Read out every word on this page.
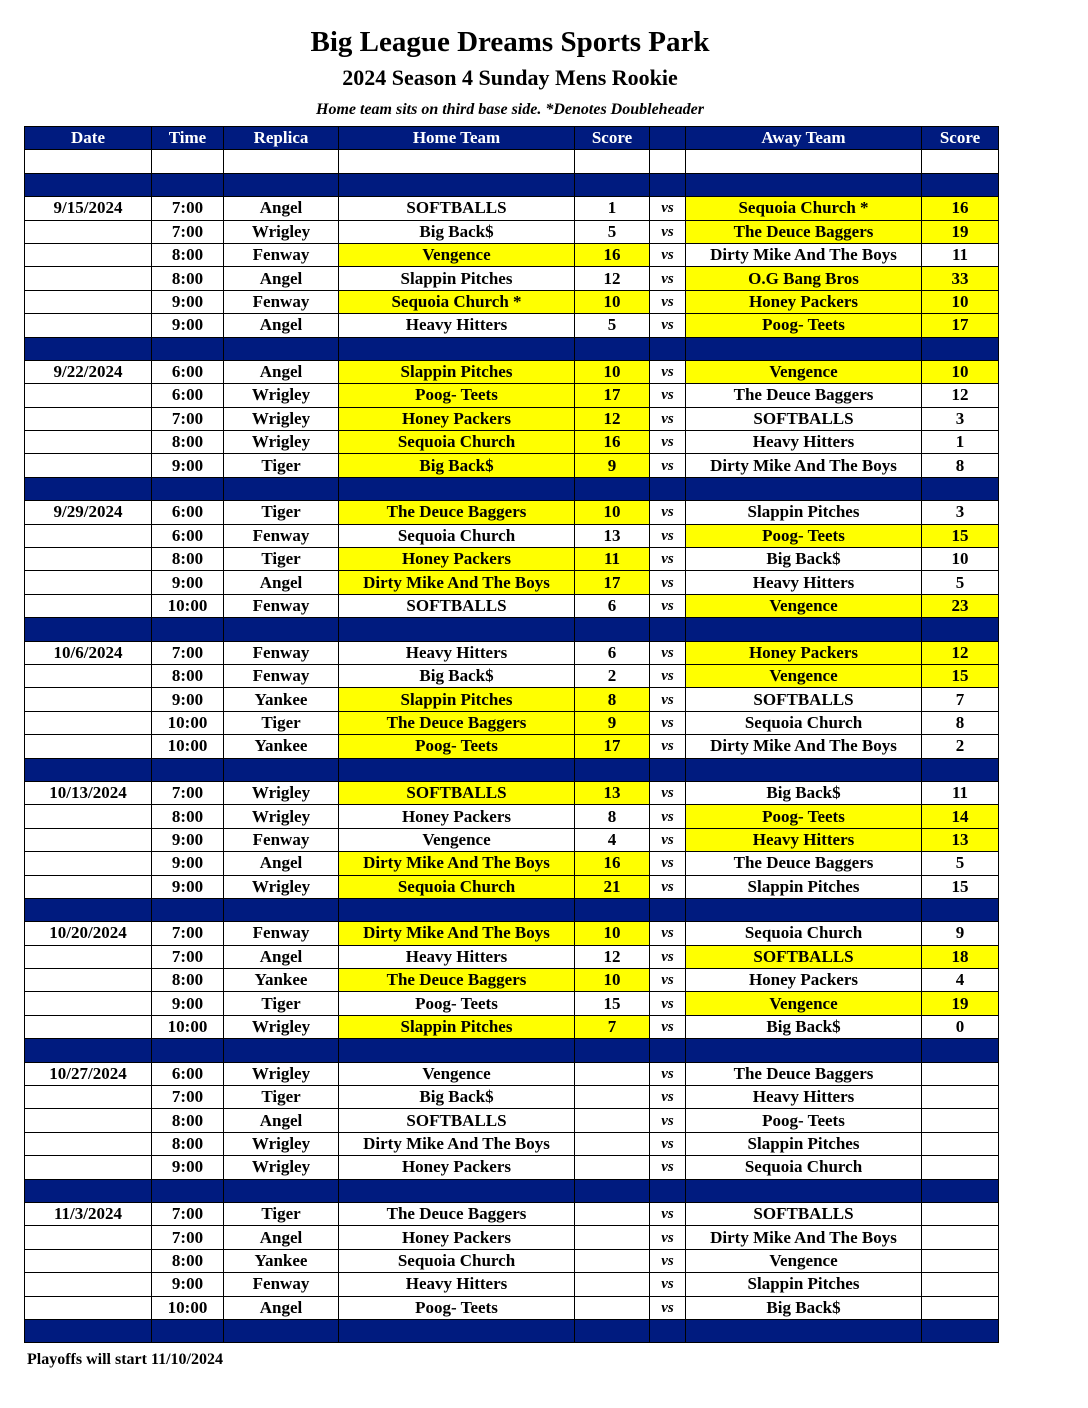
Big League Dreams Sports Park
2024 Season 4 Sunday Mens Rookie
Home team sits on third base side. *Denotes Doubleheader
Date	Time	Replica	Home Team	Score		Away Team	Score

9/15/2024	7:00	Angel	SOFTBALLS	1	vs	Sequoia Church *	16
	7:00	Wrigley	Big Back$	5	vs	The Deuce Baggers	19
	8:00	Fenway	Vengence	16	vs	Dirty Mike And The Boys	11
	8:00	Angel	Slappin Pitches	12	vs	O.G Bang Bros	33
	9:00	Fenway	Sequoia Church *	10	vs	Honey Packers	10
	9:00	Angel	Heavy Hitters	5	vs	Poog- Teets	17

9/22/2024	6:00	Angel	Slappin Pitches	10	vs	Vengence	10
	6:00	Wrigley	Poog- Teets	17	vs	The Deuce Baggers	12
	7:00	Wrigley	Honey Packers	12	vs	SOFTBALLS	3
	8:00	Wrigley	Sequoia Church	16	vs	Heavy Hitters	1
	9:00	Tiger	Big Back$	9	vs	Dirty Mike And The Boys	8

9/29/2024	6:00	Tiger	The Deuce Baggers	10	vs	Slappin Pitches	3
	6:00	Fenway	Sequoia Church	13	vs	Poog- Teets	15
	8:00	Tiger	Honey Packers	11	vs	Big Back$	10
	9:00	Angel	Dirty Mike And The Boys	17	vs	Heavy Hitters	5
	10:00	Fenway	SOFTBALLS	6	vs	Vengence	23

10/6/2024	7:00	Fenway	Heavy Hitters	6	vs	Honey Packers	12
	8:00	Fenway	Big Back$	2	vs	Vengence	15
	9:00	Yankee	Slappin Pitches	8	vs	SOFTBALLS	7
	10:00	Tiger	The Deuce Baggers	9	vs	Sequoia Church	8
	10:00	Yankee	Poog- Teets	17	vs	Dirty Mike And The Boys	2

10/13/2024	7:00	Wrigley	SOFTBALLS	13	vs	Big Back$	11
	8:00	Wrigley	Honey Packers	8	vs	Poog- Teets	14
	9:00	Fenway	Vengence	4	vs	Heavy Hitters	13
	9:00	Angel	Dirty Mike And The Boys	16	vs	The Deuce Baggers	5
	9:00	Wrigley	Sequoia Church	21	vs	Slappin Pitches	15

10/20/2024	7:00	Fenway	Dirty Mike And The Boys	10	vs	Sequoia Church	9
	7:00	Angel	Heavy Hitters	12	vs	SOFTBALLS	18
	8:00	Yankee	The Deuce Baggers	10	vs	Honey Packers	4
	9:00	Tiger	Poog- Teets	15	vs	Vengence	19
	10:00	Wrigley	Slappin Pitches	7	vs	Big Back$	0

10/27/2024	6:00	Wrigley	Vengence		vs	The Deuce Baggers	
	7:00	Tiger	Big Back$		vs	Heavy Hitters	
	8:00	Angel	SOFTBALLS		vs	Poog- Teets	
	8:00	Wrigley	Dirty Mike And The Boys		vs	Slappin Pitches	
	9:00	Wrigley	Honey Packers		vs	Sequoia Church	

11/3/2024	7:00	Tiger	The Deuce Baggers		vs	SOFTBALLS	
	7:00	Angel	Honey Packers		vs	Dirty Mike And The Boys	
	8:00	Yankee	Sequoia Church		vs	Vengence	
	9:00	Fenway	Heavy Hitters		vs	Slappin Pitches	
	10:00	Angel	Poog- Teets		vs	Big Back$	

Playoffs will start 11/10/2024
